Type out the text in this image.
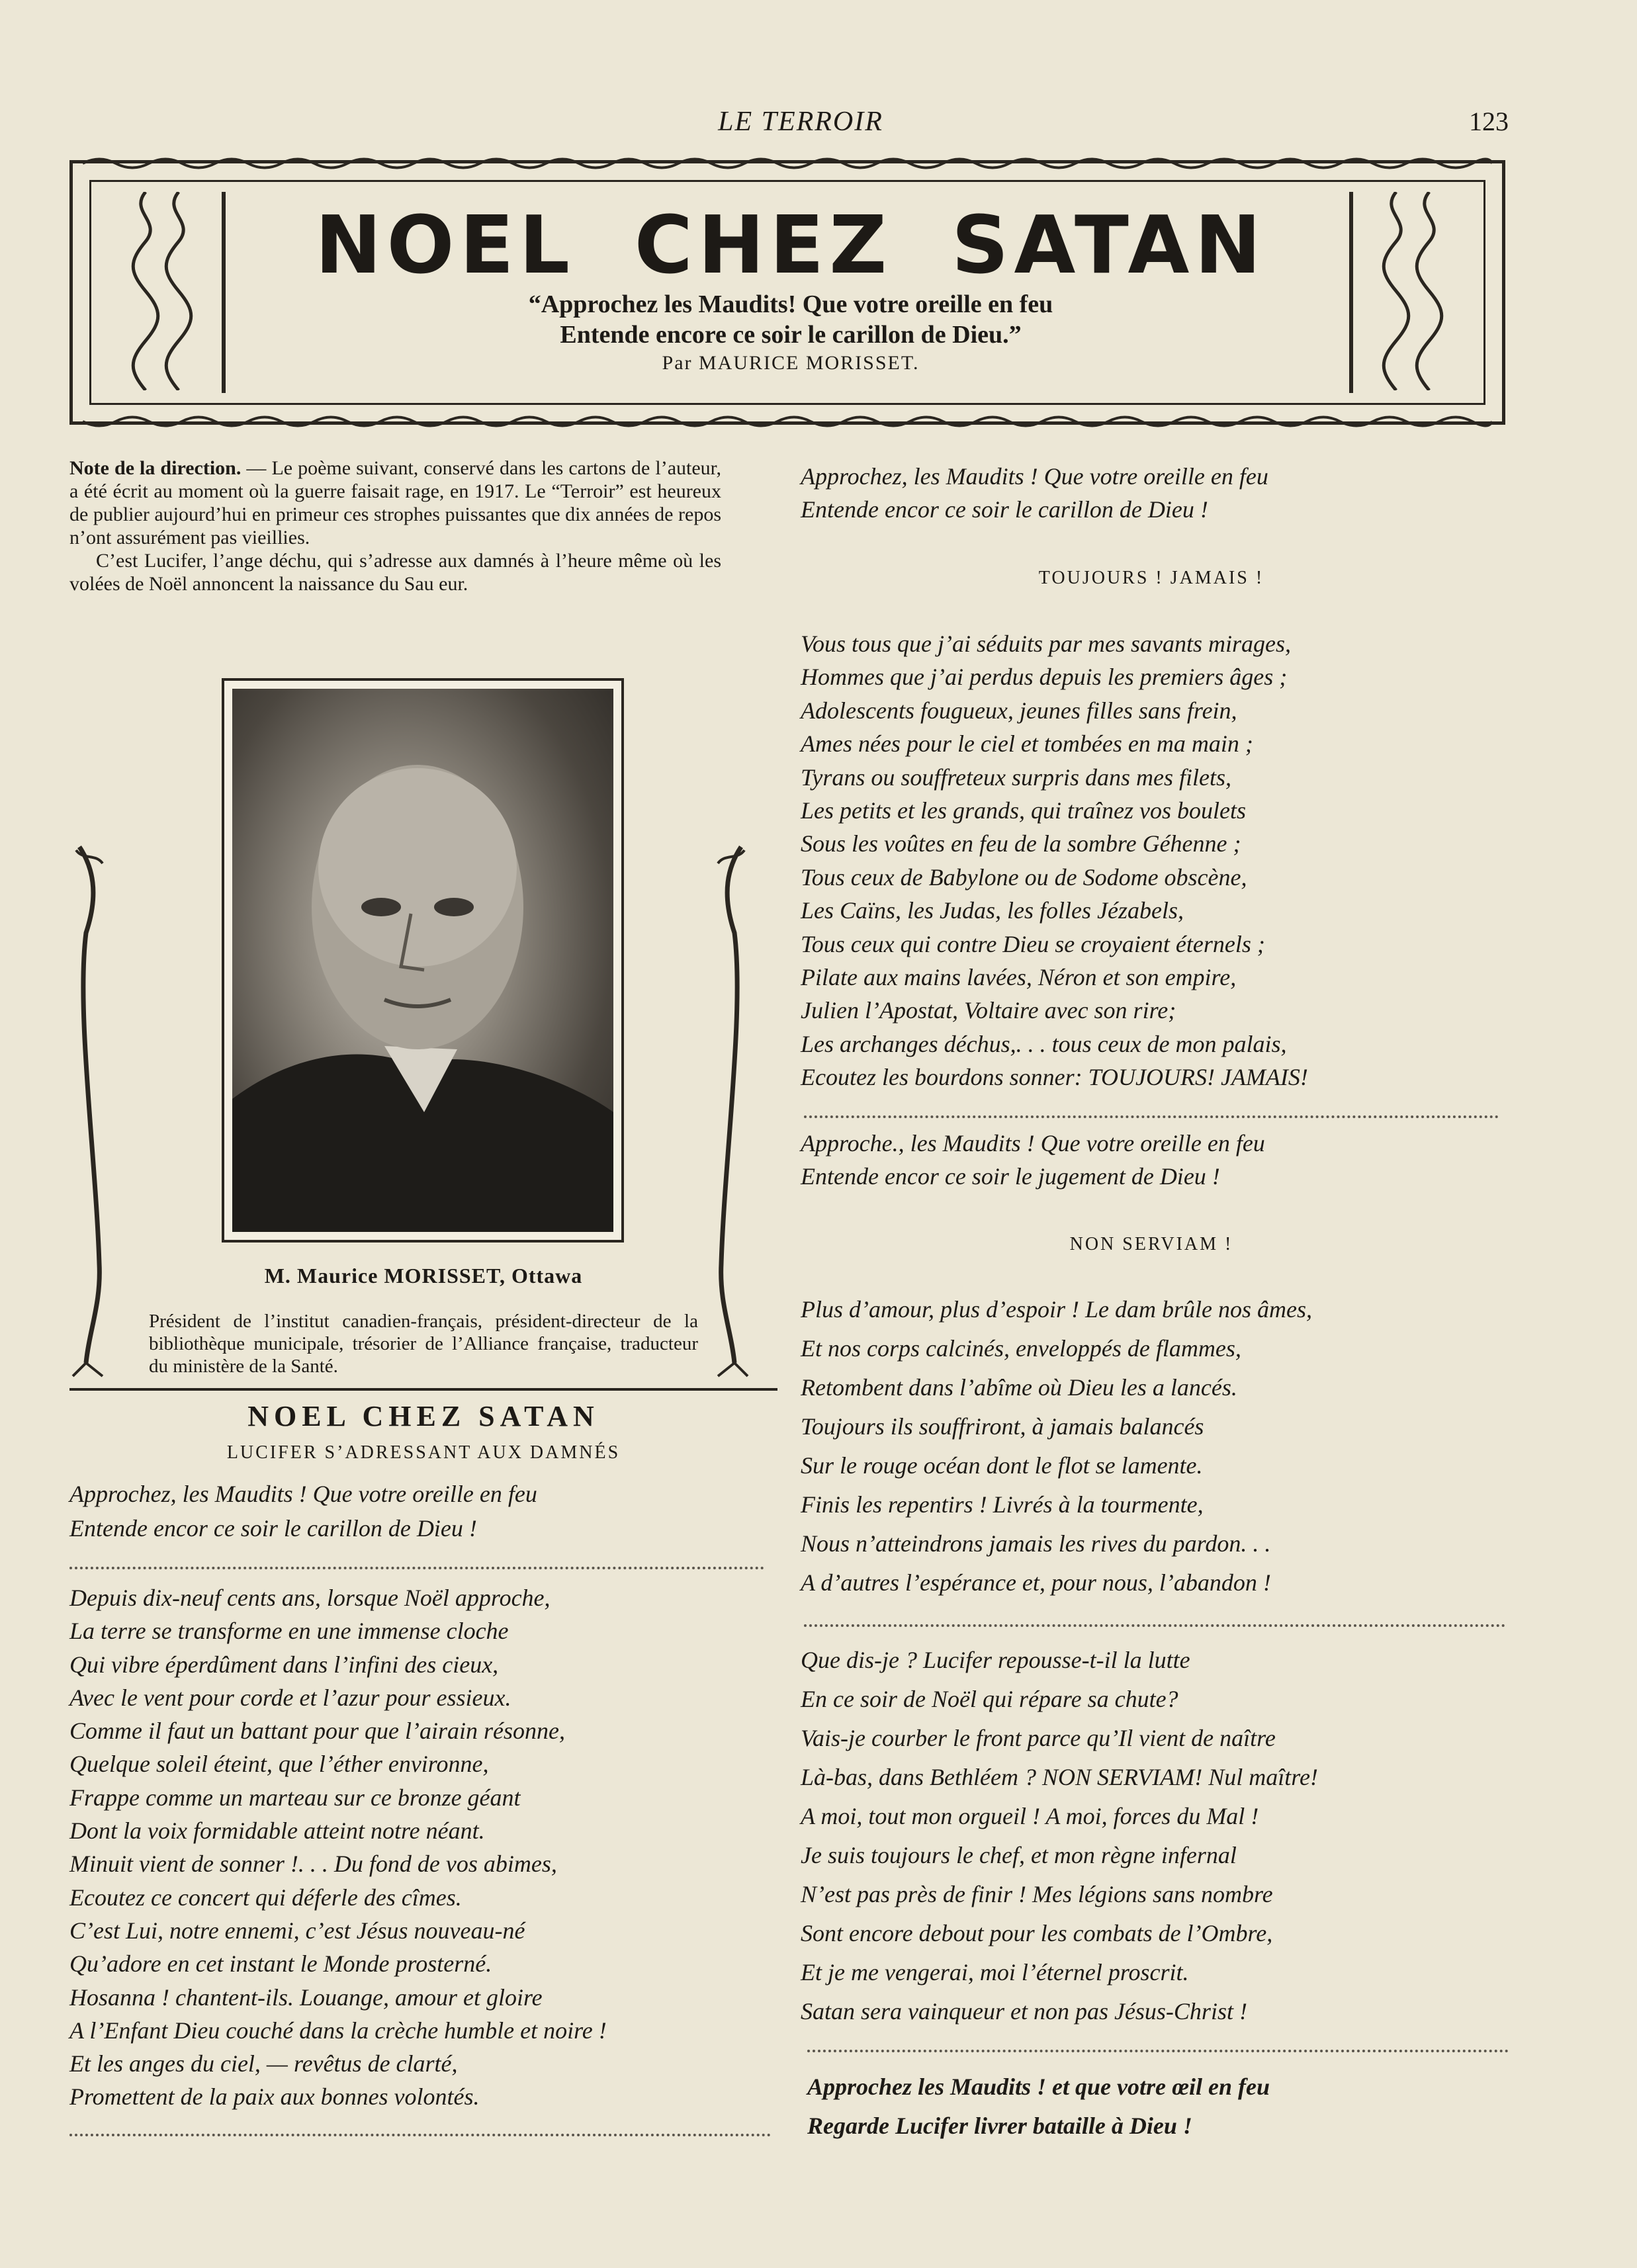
LE TERROIR	123
NOEL CHEZ SATAN
“Approchez les Maudits! Que votre oreille en feu
Entende encore ce soir le carillon de Dieu.”
Par MAURICE MORISSET.

Note de la direction. — Le poème suivant, conservé dans les cartons de l’auteur, a été écrit au moment où la guerre faisait rage, en 1917. Le “Terroir” est heureux de publier aujourd’hui en primeur ces strophes puissantes que dix années de repos n’ont assurément pas vieillies.

C’est Lucifer, l’ange déchu, qui s’adresse aux damnés à l’heure même où les volées de Noël annoncent la naissance du Sau eur.

M. Maurice MORISSET, Ottawa
Président de l’institut canadien-français, président-directeur de la bibliothèque municipale, trésorier de l’Alliance française, traducteur du ministère de la Santé.
NOEL CHEZ SATAN
LUCIFER S’ADRESSANT AUX DAMNÉS
Approchez, les Maudits ! Que votre oreille en feu
Entende encor ce soir le carillon de Dieu !
Depuis dix-neuf cents ans, lorsque Noël approche,
La terre se transforme en une immense cloche
Qui vibre éperdûment dans l’infini des cieux,
Avec le vent pour corde et l’azur pour essieux.
Comme il faut un battant pour que l’airain résonne,
Quelque soleil éteint, que l’éther environne,
Frappe comme un marteau sur ce bronze géant
Dont la voix formidable atteint notre néant.
Minuit vient de sonner !. . . Du fond de vos abimes,
Ecoutez ce concert qui déferle des cîmes.
C’est Lui, notre ennemi, c’est Jésus nouveau-né
Qu’adore en cet instant le Monde prosterné.
Hosanna ! chantent-ils. Louange, amour et gloire
A l’Enfant Dieu couché dans la crèche humble et noire !
Et les anges du ciel, — revêtus de clarté,
Promettent de la paix aux bonnes volontés.
Approchez, les Maudits ! Que votre oreille en feu
Entende encor ce soir le carillon de Dieu !
TOUJOURS ! JAMAIS !
Vous tous que j’ai séduits par mes savants mirages,
Hommes que j’ai perdus depuis les premiers âges ;
Adolescents fougueux, jeunes filles sans frein,
Ames nées pour le ciel et tombées en ma main ;
Tyrans ou souffreteux surpris dans mes filets,
Les petits et les grands, qui traînez vos boulets
Sous les voûtes en feu de la sombre Géhenne ;
Tous ceux de Babylone ou de Sodome obscène,
Les Caïns, les Judas, les folles Jézabels,
Tous ceux qui contre Dieu se croyaient éternels ;
Pilate aux mains lavées, Néron et son empire,
Julien l’Apostat, Voltaire avec son rire;
Les archanges déchus,. . . tous ceux de mon palais,
Ecoutez les bourdons sonner: TOUJOURS! JAMAIS!
Approche., les Maudits ! Que votre oreille en feu
Entende encor ce soir le jugement de Dieu !
NON SERVIAM !
Plus d’amour, plus d’espoir ! Le dam brûle nos âmes,
Et nos corps calcinés, enveloppés de flammes,
Retombent dans l’abîme où Dieu les a lancés.
Toujours ils souffriront, à jamais balancés
Sur le rouge océan dont le flot se lamente.
Finis les repentirs ! Livrés à la tourmente,
Nous n’atteindrons jamais les rives du pardon. . .
A d’autres l’espérance et, pour nous, l’abandon !
Que dis-je ? Lucifer repousse-t-il la lutte
En ce soir de Noël qui répare sa chute?
Vais-je courber le front parce qu’Il vient de naître
Là-bas, dans Bethléem ? NON SERVIAM! Nul maître!
A moi, tout mon orgueil ! A moi, forces du Mal !
Je suis toujours le chef, et mon règne infernal
N’est pas près de finir ! Mes légions sans nombre
Sont encore debout pour les combats de l’Ombre,
Et je me vengerai, moi l’éternel proscrit.
Satan sera vainqueur et non pas Jésus-Christ !
Approchez les Maudits ! et que votre œil en feu
Regarde Lucifer livrer bataille à Dieu !
